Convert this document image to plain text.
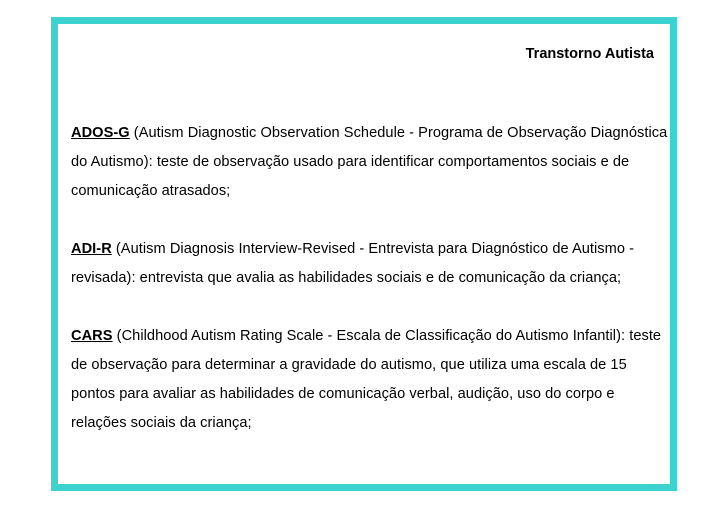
Transtorno Autista

ADOS-G (Autism Diagnostic Observation Schedule - Programa de Observação Diagnóstica do Autismo): teste de observação usado para identificar comportamentos sociais e de comunicação atrasados;

ADI-R (Autism Diagnosis Interview-Revised - Entrevista para Diagnóstico de Autismo - revisada): entrevista que avalia as habilidades sociais e de comunicação da criança;

CARS (Childhood Autism Rating Scale - Escala de Classificação do Autismo Infantil): teste de observação para determinar a gravidade do autismo, que utiliza uma escala de 15 pontos para avaliar as habilidades de comunicação verbal, audição, uso do corpo e relações sociais da criança;
